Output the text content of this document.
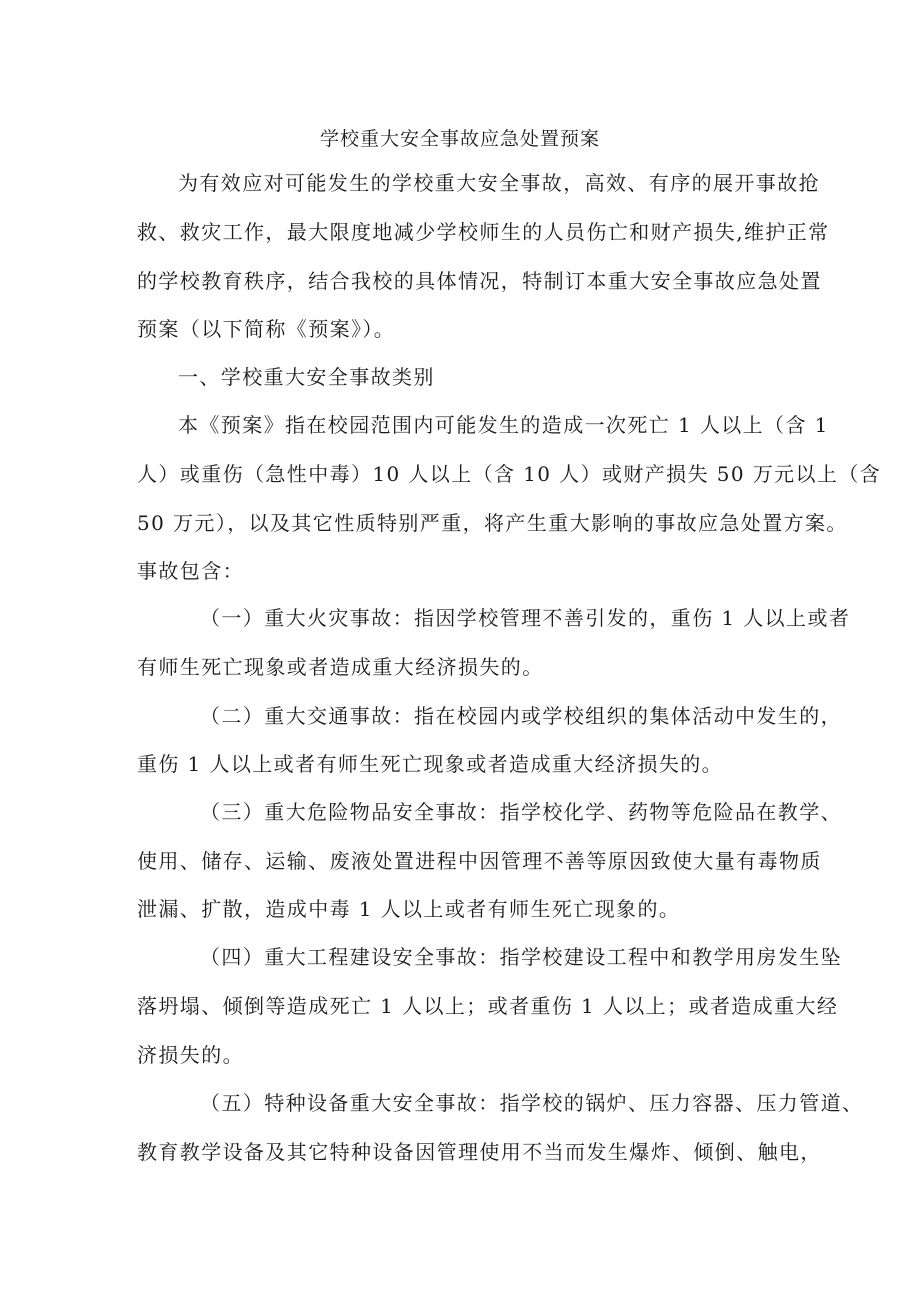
学校重大安全事故应急处置预案
为有效应对可能发生的学校重大安全事故，高效、有序的展开事故抢
救、救灾工作，最大限度地减少学校师生的人员伤亡和财产损失,维护正常
的学校教育秩序，结合我校的具体情况，特制订本重大安全事故应急处置
预案（以下简称《预案》）。
一、学校重大安全事故类别
本《预案》指在校园范围内可能发生的造成一次死亡 1 人以上（含 1
人）或重伤（急性中毒）10 人以上（含 10 人）或财产损失 50 万元以上（含
50 万元），以及其它性质特别严重，将产生重大影响的事故应急处置方案。
事故包含：
（一）重大火灾事故：指因学校管理不善引发的，重伤 1 人以上或者
有师生死亡现象或者造成重大经济损失的。
（二）重大交通事故：指在校园内或学校组织的集体活动中发生的，
重伤 1 人以上或者有师生死亡现象或者造成重大经济损失的。
（三）重大危险物品安全事故：指学校化学、药物等危险品在教学、
使用、储存、运输、废液处置进程中因管理不善等原因致使大量有毒物质
泄漏、扩散，造成中毒 1 人以上或者有师生死亡现象的。
（四）重大工程建设安全事故：指学校建设工程中和教学用房发生坠
落坍塌、倾倒等造成死亡 1 人以上；或者重伤 1 人以上；或者造成重大经
济损失的。
（五）特种设备重大安全事故：指学校的锅炉、压力容器、压力管道、
教育教学设备及其它特种设备因管理使用不当而发生爆炸、倾倒、触电，
